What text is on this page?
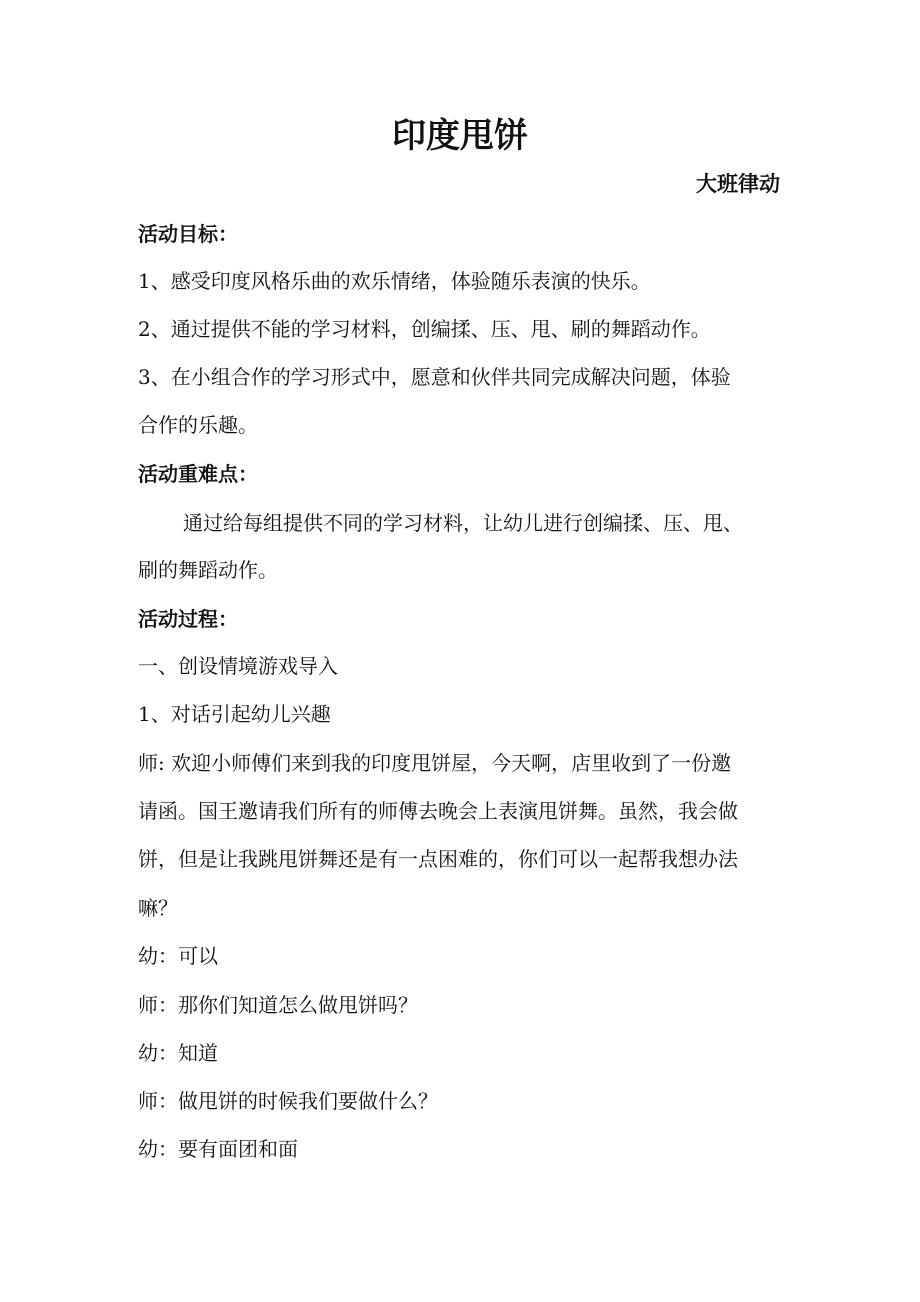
印度甩饼
大班律动
活动目标：
1、感受印度风格乐曲的欢乐情绪，体验随乐表演的快乐。
2、通过提供不能的学习材料，创编揉、压、甩、刷的舞蹈动作。
3、在小组合作的学习形式中，愿意和伙伴共同完成解决问题，体验
合作的乐趣。
活动重难点：
通过给每组提供不同的学习材料，让幼儿进行创编揉、压、甩、
刷的舞蹈动作。
活动过程：
一、创设情境游戏导入
1、对话引起幼儿兴趣
师: 欢迎小师傅们来到我的印度甩饼屋，今天啊，店里收到了一份邀
请函。国王邀请我们所有的师傅去晚会上表演甩饼舞。虽然，我会做
饼，但是让我跳甩饼舞还是有一点困难的，你们可以一起帮我想办法
嘛？
幼：可以
师：那你们知道怎么做甩饼吗？
幼：知道
师：做甩饼的时候我们要做什么？
幼：要有面团和面
